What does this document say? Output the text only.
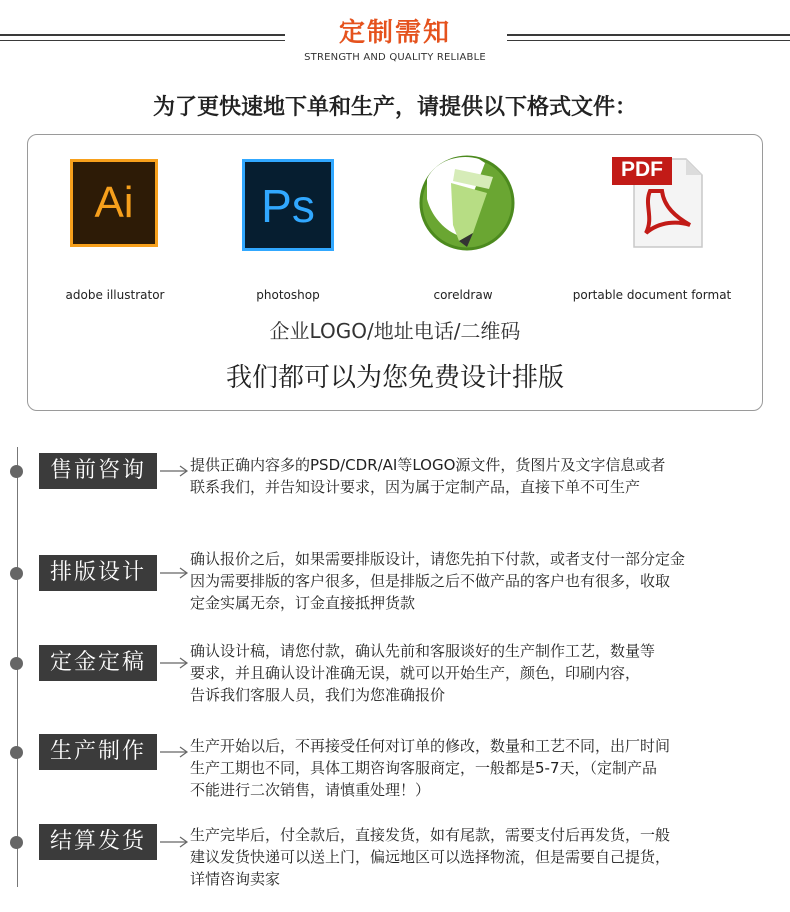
定制需知
STRENGTH AND QUALITY RELIABLE
为了更快速地下单和生产，请提供以下格式文件：
Ai
adobe illustrator
Ps
photoshop	coreldraw
PDF
portable document format
企业LOGO/地址电话/二维码
我们都可以为您免费设计排版
售前咨询	提供正确内容多的PSD/CDR/AI等LOGO源文件，货图片及文字信息或者
联系我们，并告知设计要求，因为属于定制产品，直接下单不可生产
排版设计
确认报价之后，如果需要排版设计，请您先拍下付款，或者支付一部分定金
因为需要排版的客户很多，但是排版之后不做产品的客户也有很多，收取
定金实属无奈，订金直接抵押货款
定金定稿	确认设计稿，请您付款，确认先前和客服谈好的生产制作工艺，数量等
要求，并且确认设计准确无误，就可以开始生产，颜色，印刷内容，
告诉我们客服人员，我们为您准确报价
生产制作	生产开始以后，不再接受任何对订单的修改，数量和工艺不同，出厂时间
生产工期也不同，具体工期咨询客服商定，一般都是5-7天，（定制产品
不能进行二次销售，请慎重处理！）
结算发货	生产完毕后，付全款后，直接发货，如有尾款，需要支付后再发货，一般
建议发货快递可以送上门，偏远地区可以选择物流，但是需要自己提货，
详情咨询卖家
